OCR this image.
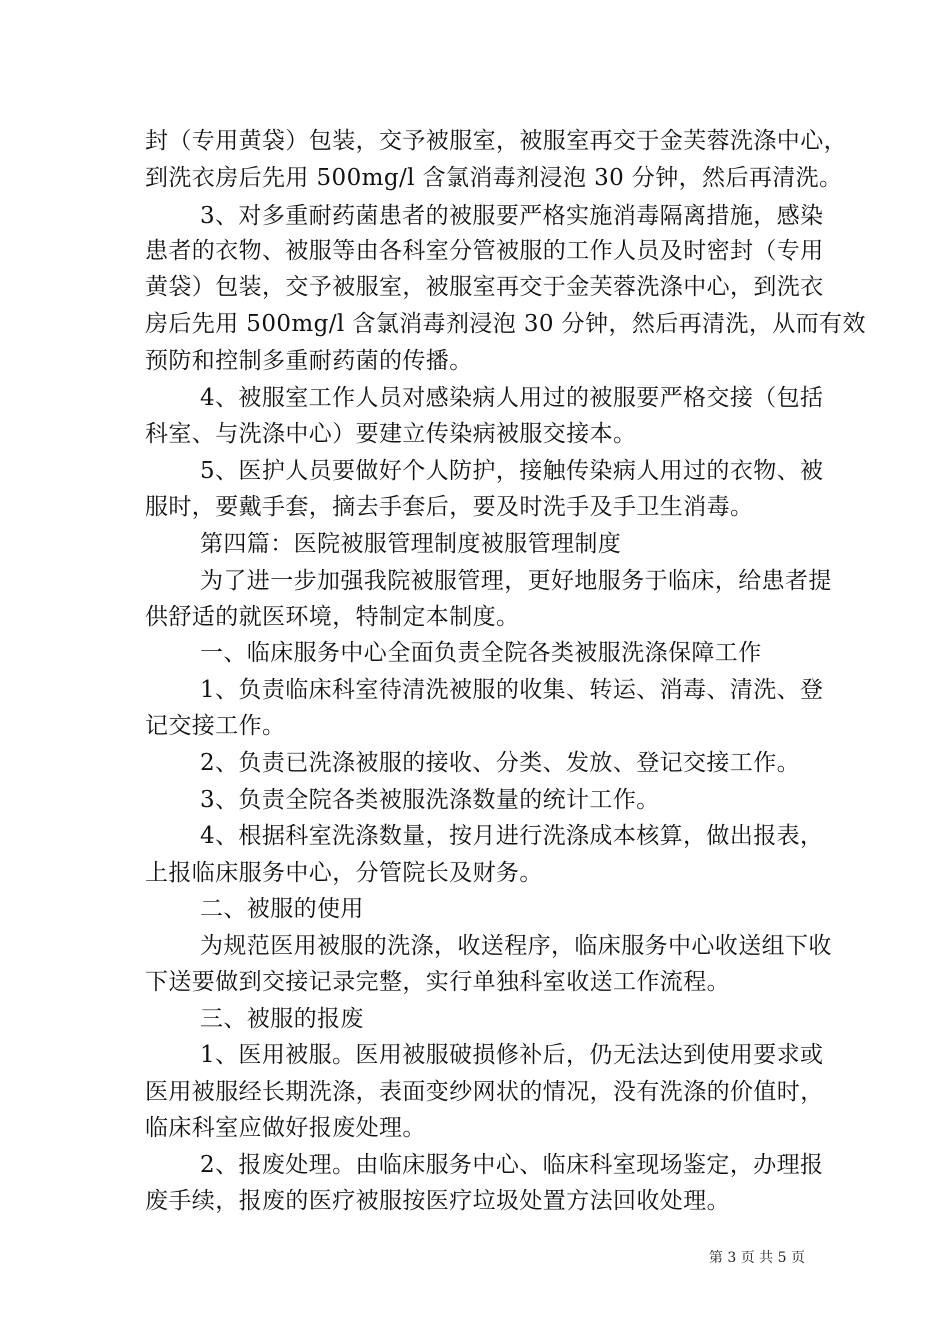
封（专用黄袋）包装，交予被服室，被服室再交于金芙蓉洗涤中心，
到洗衣房后先用 500mg/l 含氯消毒剂浸泡 30 分钟，然后再清洗。
3、对多重耐药菌患者的被服要严格实施消毒隔离措施，感染
患者的衣物、被服等由各科室分管被服的工作人员及时密封（专用
黄袋）包装，交予被服室，被服室再交于金芙蓉洗涤中心，到洗衣
房后先用 500mg/l 含氯消毒剂浸泡 30 分钟，然后再清洗，从而有效
预防和控制多重耐药菌的传播。
4、被服室工作人员对感染病人用过的被服要严格交接（包括
科室、与洗涤中心）要建立传染病被服交接本。
5、医护人员要做好个人防护，接触传染病人用过的衣物、被
服时，要戴手套，摘去手套后，要及时洗手及手卫生消毒。
第四篇：医院被服管理制度被服管理制度
为了进一步加强我院被服管理，更好地服务于临床，给患者提
供舒适的就医环境，特制定本制度。
一、临床服务中心全面负责全院各类被服洗涤保障工作
1、负责临床科室待清洗被服的收集、转运、消毒、清洗、登
记交接工作。
2、负责已洗涤被服的接收、分类、发放、登记交接工作。
3、负责全院各类被服洗涤数量的统计工作。
4、根据科室洗涤数量，按月进行洗涤成本核算，做出报表，
上报临床服务中心，分管院长及财务。
二、被服的使用
为规范医用被服的洗涤，收送程序，临床服务中心收送组下收
下送要做到交接记录完整，实行单独科室收送工作流程。
三、被服的报废
1、医用被服。医用被服破损修补后，仍无法达到使用要求或
医用被服经长期洗涤，表面变纱网状的情况，没有洗涤的价值时，
临床科室应做好报废处理。
2、报废处理。由临床服务中心、临床科室现场鉴定，办理报
废手续，报废的医疗被服按医疗垃圾处置方法回收处理。
第 3 页 共 5 页
